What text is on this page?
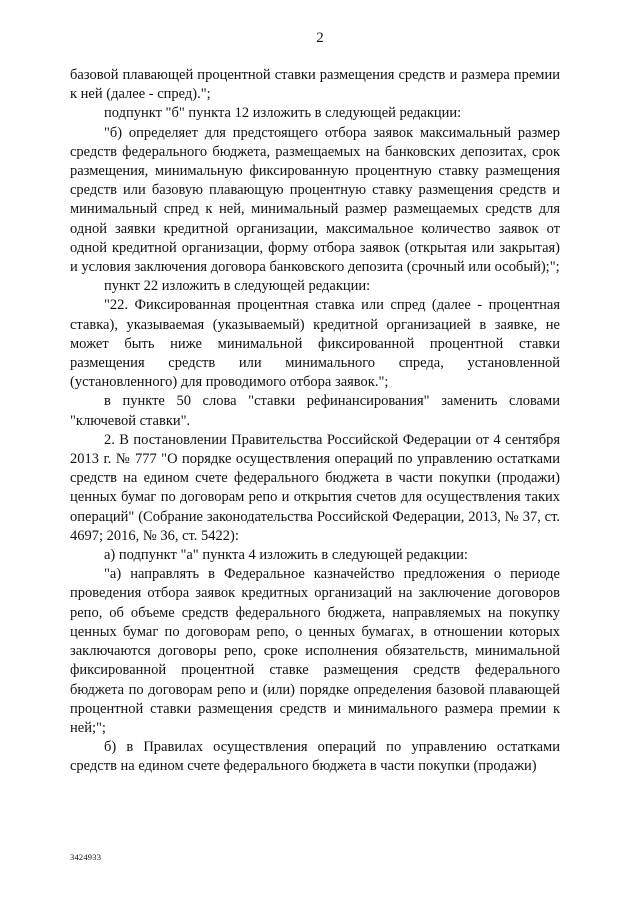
2

базовой плавающей процентной ставки размещения средств и размера премии к ней (далее - спред).";

подпункт "б" пункта 12 изложить в следующей редакции:

"б) определяет для предстоящего отбора заявок максимальный размер средств федерального бюджета, размещаемых на банковских депозитах, срок размещения, минимальную фиксированную процентную ставку размещения средств или базовую плавающую процентную ставку размещения средств и минимальный спред к ней, минимальный размер размещаемых средств для одной заявки кредитной организации, максимальное количество заявок от одной кредитной организации, форму отбора заявок (открытая или закрытая) и условия заключения договора банковского депозита (срочный или особый);";

пункт 22 изложить в следующей редакции:

"22. Фиксированная процентная ставка или спред (далее - процентная ставка), указываемая (указываемый) кредитной организацией в заявке, не может быть ниже минимальной фиксированной процентной ставки размещения средств или минимального спреда, установленной (установленного) для проводимого отбора заявок.";

в пункте 50 слова "ставки рефинансирования" заменить словами "ключевой ставки".

2. В постановлении Правительства Российской Федерации от 4 сентября 2013 г. № 777 "О порядке осуществления операций по управлению остатками средств на едином счете федерального бюджета в части покупки (продажи) ценных бумаг по договорам репо и открытия счетов для осуществления таких операций" (Собрание законодательства Российской Федерации, 2013, № 37, ст. 4697; 2016, № 36, ст. 5422):

а) подпункт "а" пункта 4 изложить в следующей редакции:

"а) направлять в Федеральное казначейство предложения о периоде проведения отбора заявок кредитных организаций на заключение договоров репо, об объеме средств федерального бюджета, направляемых на покупку ценных бумаг по договорам репо, о ценных бумагах, в отношении которых заключаются договоры репо, сроке исполнения обязательств, минимальной фиксированной процентной ставке размещения средств федерального бюджета по договорам репо и (или) порядке определения базовой плавающей процентной ставки размещения средств и минимального размера премии к ней;";

б) в Правилах осуществления операций по управлению остатками средств на едином счете федерального бюджета в части покупки (продажи)

3424933
